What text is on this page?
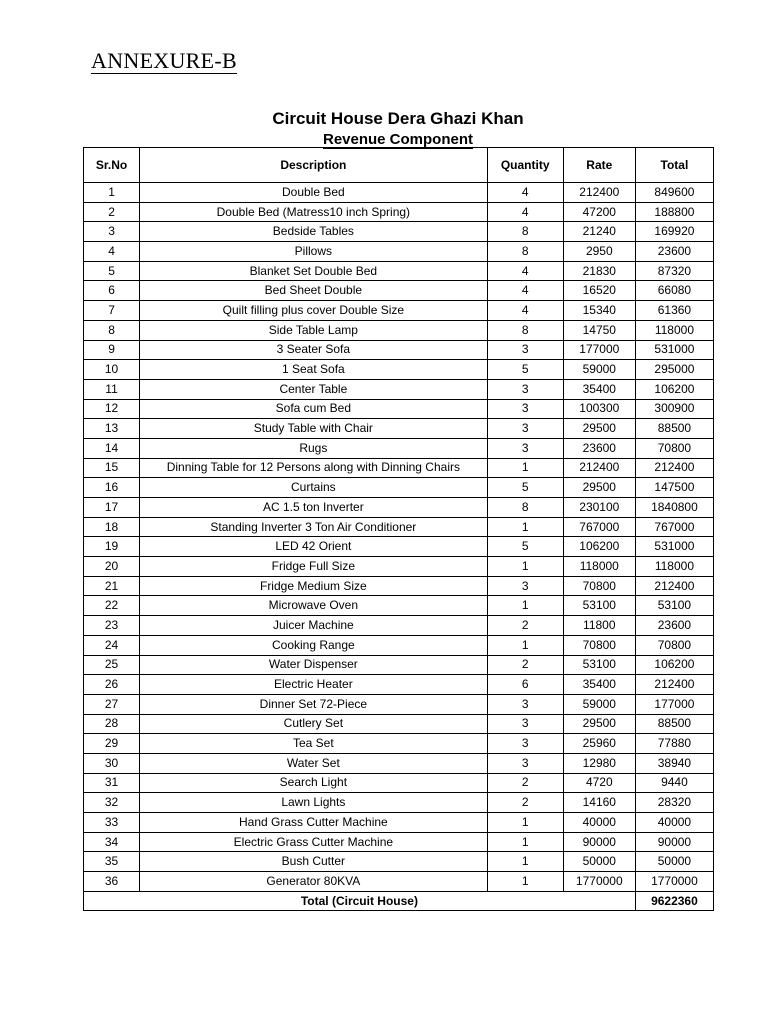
ANNEXURE-B
Circuit House Dera Ghazi Khan
Revenue Component
Sr.No	Description	Quantity	Rate	Total
1	Double Bed	4	212400	849600
2	Double Bed (Matress10 inch Spring)	4	47200	188800
3	Bedside Tables	8	21240	169920
4	Pillows	8	2950	23600
5	Blanket Set Double Bed	4	21830	87320
6	Bed Sheet Double	4	16520	66080
7	Quilt filling plus cover Double Size	4	15340	61360
8	Side Table Lamp	8	14750	118000
9	3 Seater Sofa	3	177000	531000
10	1 Seat Sofa	5	59000	295000
11	Center Table	3	35400	106200
12	Sofa cum Bed	3	100300	300900
13	Study Table with Chair	3	29500	88500
14	Rugs	3	23600	70800
15	Dinning Table for 12 Persons along with Dinning Chairs	1	212400	212400
16	Curtains	5	29500	147500
17	AC 1.5 ton Inverter	8	230100	1840800
18	Standing Inverter 3 Ton Air Conditioner	1	767000	767000
19	LED 42 Orient	5	106200	531000
20	Fridge Full Size	1	118000	118000
21	Fridge Medium Size	3	70800	212400
22	Microwave Oven	1	53100	53100
23	Juicer Machine	2	11800	23600
24	Cooking Range	1	70800	70800
25	Water Dispenser	2	53100	106200
26	Electric Heater	6	35400	212400
27	Dinner Set 72-Piece	3	59000	177000
28	Cutlery Set	3	29500	88500
29	Tea Set	3	25960	77880
30	Water Set	3	12980	38940
31	Search Light	2	4720	9440
32	Lawn Lights	2	14160	28320
33	Hand Grass Cutter Machine	1	40000	40000
34	Electric Grass Cutter Machine	1	90000	90000
35	Bush Cutter	1	50000	50000
36	Generator 80KVA	1	1770000	1770000
Total (Circuit House)				9622360
